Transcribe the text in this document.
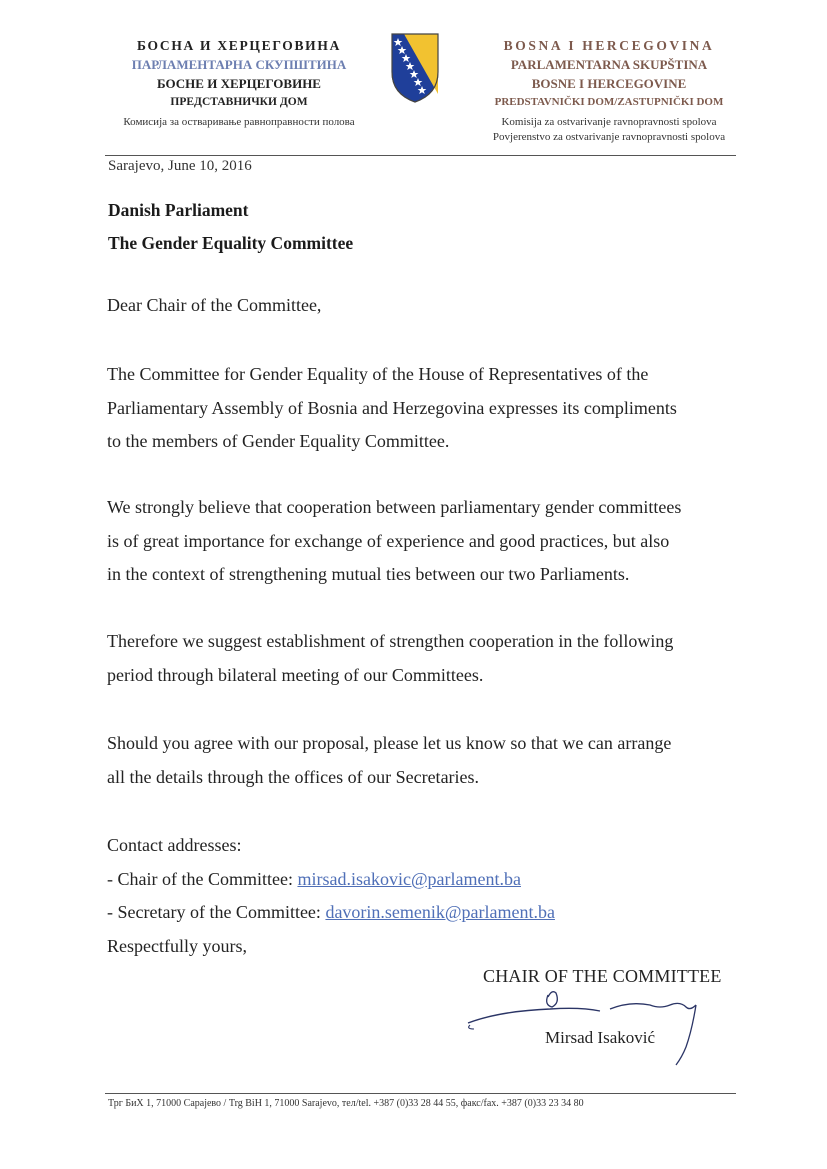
БОСНА И ХЕРЦЕГОВИНА
ПАРЛАМЕНТАРНА СКУПШТИНА
БОСНЕ И ХЕРЦЕГОВИНЕ
ПРЕДСТАВНИЧКИ ДОМ
Комисија за остваривање равноправности полова
BOSNA I HERCEGOVINA
PARLAMENTARNA SKUPŠTINA
BOSNE I HERCEGOVINE
PREDSTAVNIČKI DOM/ZASTUPNIČKI DOM
Komisija za ostvarivanje ravnopravnosti spolova
Povjerenstvo za ostvarivanje ravnopravnosti spolova
Sarajevo, June 10, 2016
Danish Parliament
The Gender Equality Committee
Dear Chair of the Committee,
The Committee for Gender Equality of the House of Representatives of the
Parliamentary Assembly of Bosnia and Herzegovina expresses its compliments
to the members of Gender Equality Committee.
We strongly believe that cooperation between parliamentary gender committees
is of great importance for exchange of experience and good practices, but also
in the context of strengthening mutual ties between our two Parliaments.
Therefore we suggest establishment of strengthen cooperation in the following
period through bilateral meeting of our Committees.
Should you agree with our proposal, please let us know so that we can arrange
all the details through the offices of our Secretaries.
Contact addresses:
- Chair of the Committee: mirsad.isakovic@parlament.ba
- Secretary of the Committee: davorin.semenik@parlament.ba
Respectfully yours,
CHAIR OF THE COMMITTEE
Mirsad Isaković
Трг БиХ 1, 71000 Сарајево / Trg BiH 1, 71000 Sarajevo, тел/tel. +387 (0)33 28 44 55, факс/fax. +387 (0)33 23 34 80
